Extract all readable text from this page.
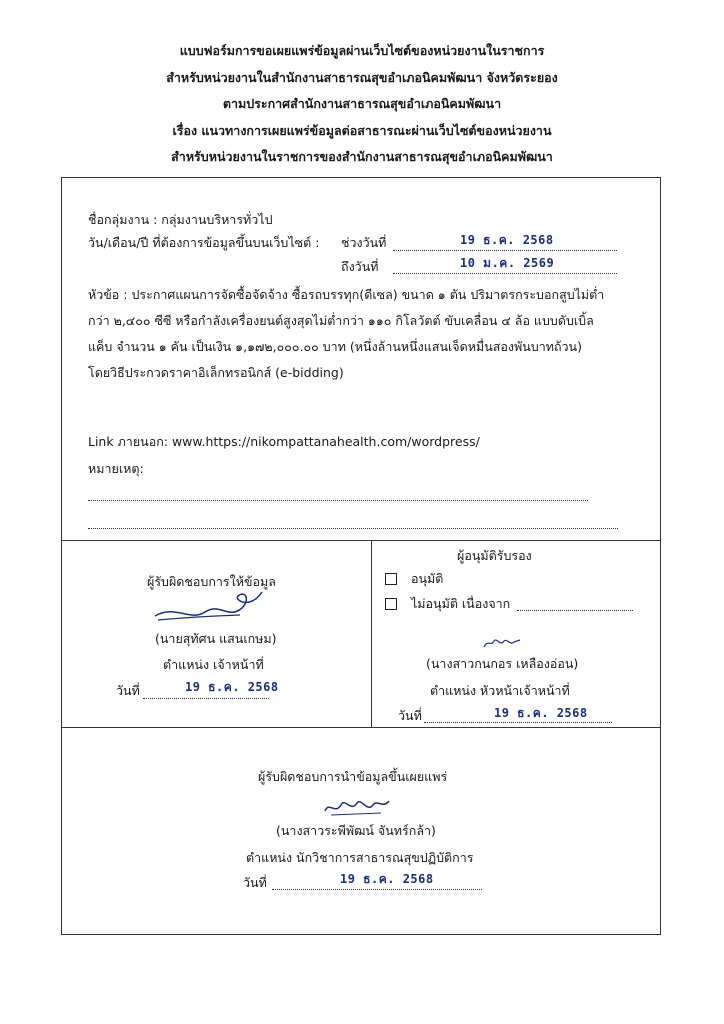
แบบฟอร์มการขอเผยแพร่ข้อมูลผ่านเว็บไซต์ของหน่วยงานในราชการ
สำหรับหน่วยงานในสำนักงานสาธารณสุขอำเภอนิคมพัฒนา จังหวัดระยอง
ตามประกาศสำนักงานสาธารณสุขอำเภอนิคมพัฒนา
เรื่อง แนวทางการเผยแพร่ข้อมูลต่อสาธารณะผ่านเว็บไซต์ของหน่วยงาน
สำหรับหน่วยงานในราชการของสำนักงานสาธารณสุขอำเภอนิคมพัฒนา
ชื่อกลุ่มงาน : กลุ่มงานบริหารทั่วไป
วัน/เดือน/ปี ที่ต้องการข้อมูลขึ้นบนเว็บไซต์ : ช่วงวันที่	19 ธ.ค. 2568
ถึงวันที่	10 ม.ค. 2569
หัวข้อ : ประกาศแผนการจัดซื้อจัดจ้าง ซื้อรถบรรทุก(ดีเซล) ขนาด ๑ ตัน ปริมาตรกระบอกสูบไม่ต่ำ
กว่า ๒,๔๐๐ ซีซี หรือกำลังเครื่องยนต์สูงสุดไม่ต่ำกว่า ๑๑๐ กิโลวัตต์ ขับเคลื่อน ๔ ล้อ แบบดับเบิ้ล
แค็บ จำนวน ๑ คัน เป็นเงิน ๑,๑๗๒,๐๐๐.๐๐ บาท (หนึ่งล้านหนึ่งแสนเจ็ดหมื่นสองพันบาทถ้วน)
โดยวิธีประกวดราคาอิเล็กทรอนิกส์ (e-bidding)
Link ภายนอก: www.https://nikompattanahealth.com/wordpress/
หมายเหตุ:
ผู้รับผิดชอบการให้ข้อมูล
(นายสุทัศน แสนเกษม)
ตำแหน่ง เจ้าหน้าที่
วันที่	19 ธ.ค. 2568
ผู้อนุมัติรับรอง
อนุมัติ
ไม่อนุมัติ เนื่องจาก
(นางสาวกนกอร เหลืองอ่อน)
ตำแหน่ง หัวหน้าเจ้าหน้าที่
วันที่	19 ธ.ค. 2568
ผู้รับผิดชอบการนำข้อมูลขึ้นเผยแพร่
(นางสาวระพีพัฒน์ จันทร์กล้า)
ตำแหน่ง นักวิชาการสาธารณสุขปฏิบัติการ
วันที่	19 ธ.ค. 2568
